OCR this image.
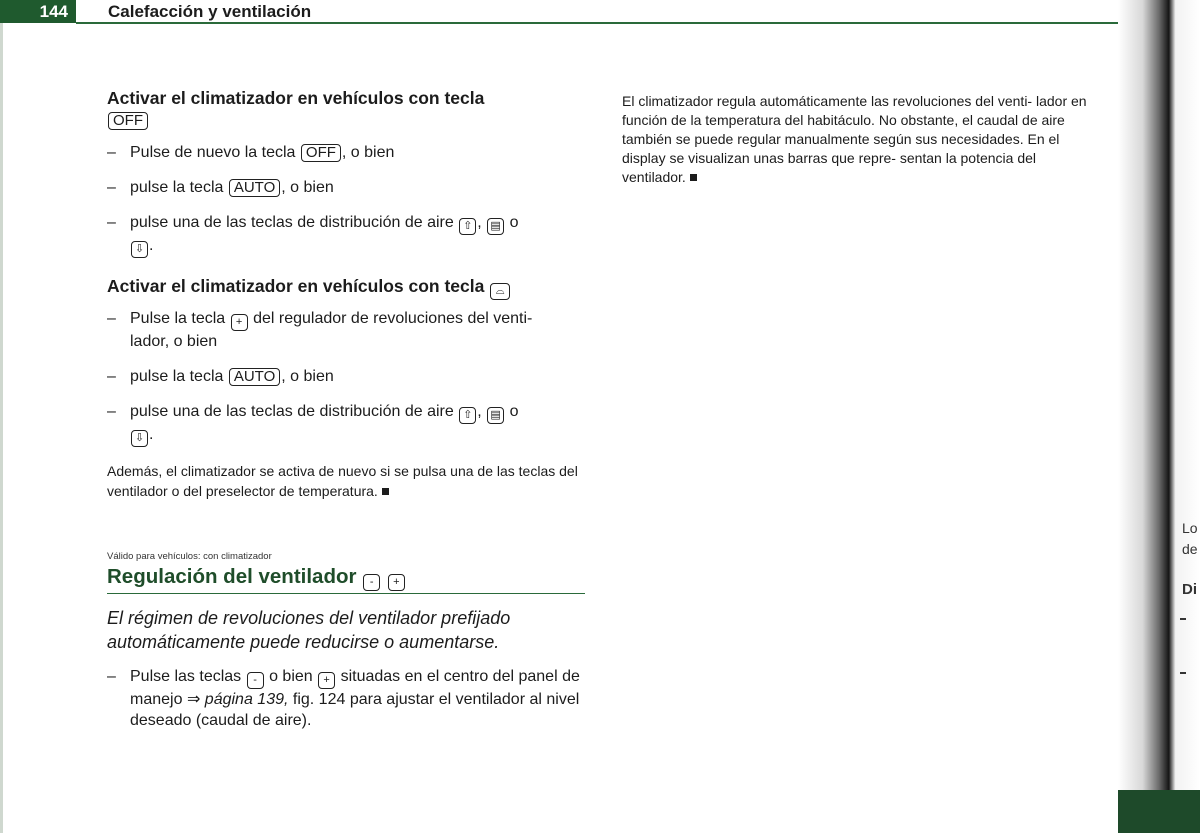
144	Calefacción y ventilación
Activar el climatizador en vehículos con tecla
OFF
– Pulse de nuevo la tecla OFF , o bien
– pulse la tecla AUTO , o bien
– pulse una de las teclas de distribución de aire ⇧ , ▤ o
⇩ .
Activar el climatizador en vehículos con tecla ⌓
– Pulse la tecla + del regulador de revoluciones del venti-
lador, o bien
– pulse la tecla AUTO , o bien
– pulse una de las teclas de distribución de aire ⇧ , ▤ o
⇩ .

Además, el climatizador se activa de nuevo si se pulsa una de las teclas del ventilador o del preselector de temperatura.

Válido para vehículos: con climatizador

Regulación del ventilador - +

El régimen de revoluciones del ventilador prefijado automáticamente puede reducirse o aumentarse.

– Pulse las teclas - o bien + situadas en el centro del panel de manejo ⇒ página 139, fig. 124 para ajustar el ventilador al nivel deseado (caudal de aire).

El climatizador regula automáticamente las revoluciones del venti- lador en función de la temperatura del habitáculo. No obstante, el caudal de aire también se puede regular manualmente según sus necesidades. En el display se visualizan unas barras que repre- sentan la potencia del ventilador.

Lo
de
Di
